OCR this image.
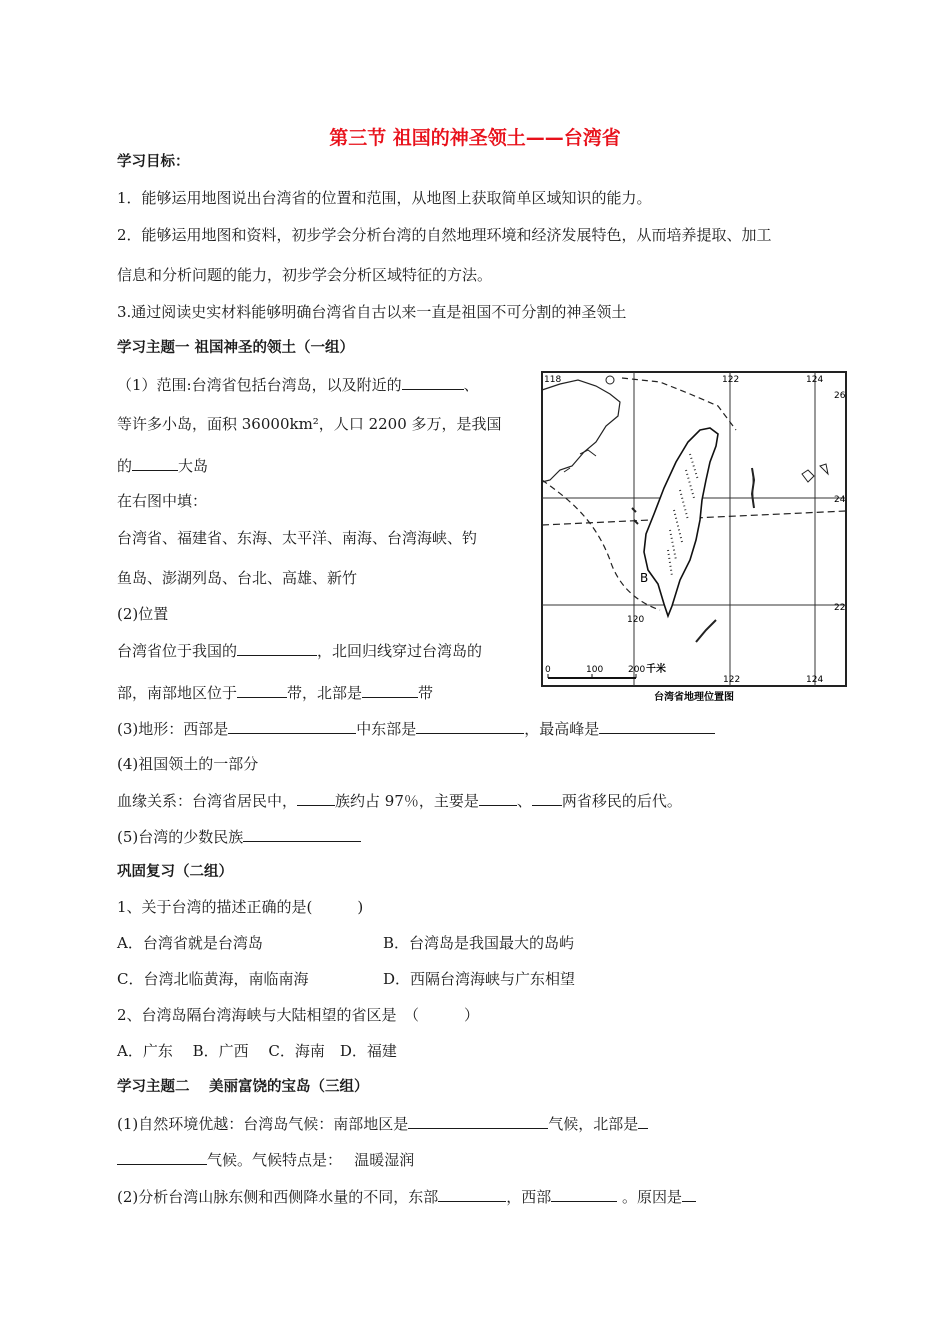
第三节 祖国的神圣领土——台湾省
学习目标：
1．能够运用地图说出台湾省的位置和范围，从地图上获取简单区域知识的能力。
2．能够运用地图和资料，初步学会分析台湾的自然地理环境和经济发展特色，从而培养提取、加工
信息和分析问题的能力，初步学会分析区域特征的方法。
3.通过阅读史实材料能够明确台湾省自古以来一直是祖国不可分割的神圣领土
学习主题一 祖国神圣的领土（一组）
（1）范围:台湾省包括台湾岛，以及附近的	、
等许多小岛，面积 36000km²，人口 2200 多万，是我国
的	大岛
在右图中填：
台湾省、福建省、东海、太平洋、南海、台湾海峡、钓
鱼岛、澎湖列岛、台北、高雄、新竹
(2)位置
台湾省位于我国的	，北回归线穿过台湾岛的
部，南部地区位于	带，北部是	带
(3)地形：西部是	中东部是	，最高峰是
(4)祖国领土的一部分
血缘关系：台湾省居民中，	族约占 97％，主要是	、 两省移民的后代。
(5)台湾的少数民族
118	122	124
120
122	124
26
24
22
B
0	100	200 千米
台湾省地理位置图
巩固复习（二组）
1、关于台湾的描述正确的是(　　　)
A．台湾省就是台湾岛	B．台湾岛是我国最大的岛屿
C．台湾北临黄海，南临南海	D．西隔台湾海峡与广东相望
2、台湾岛隔台湾海峡与大陆相望的省区是　（　　　）
A．广东　 B．广西　 C．海南　D．福建
学习主题二　 美丽富饶的宝岛（三组）
(1)自然环境优越：台湾岛气候：南部地区是	气候，北部是
气候。气候特点是：　 温暖湿润
(2)分析台湾山脉东侧和西侧降水量的不同，东部	，西部	。原因是
